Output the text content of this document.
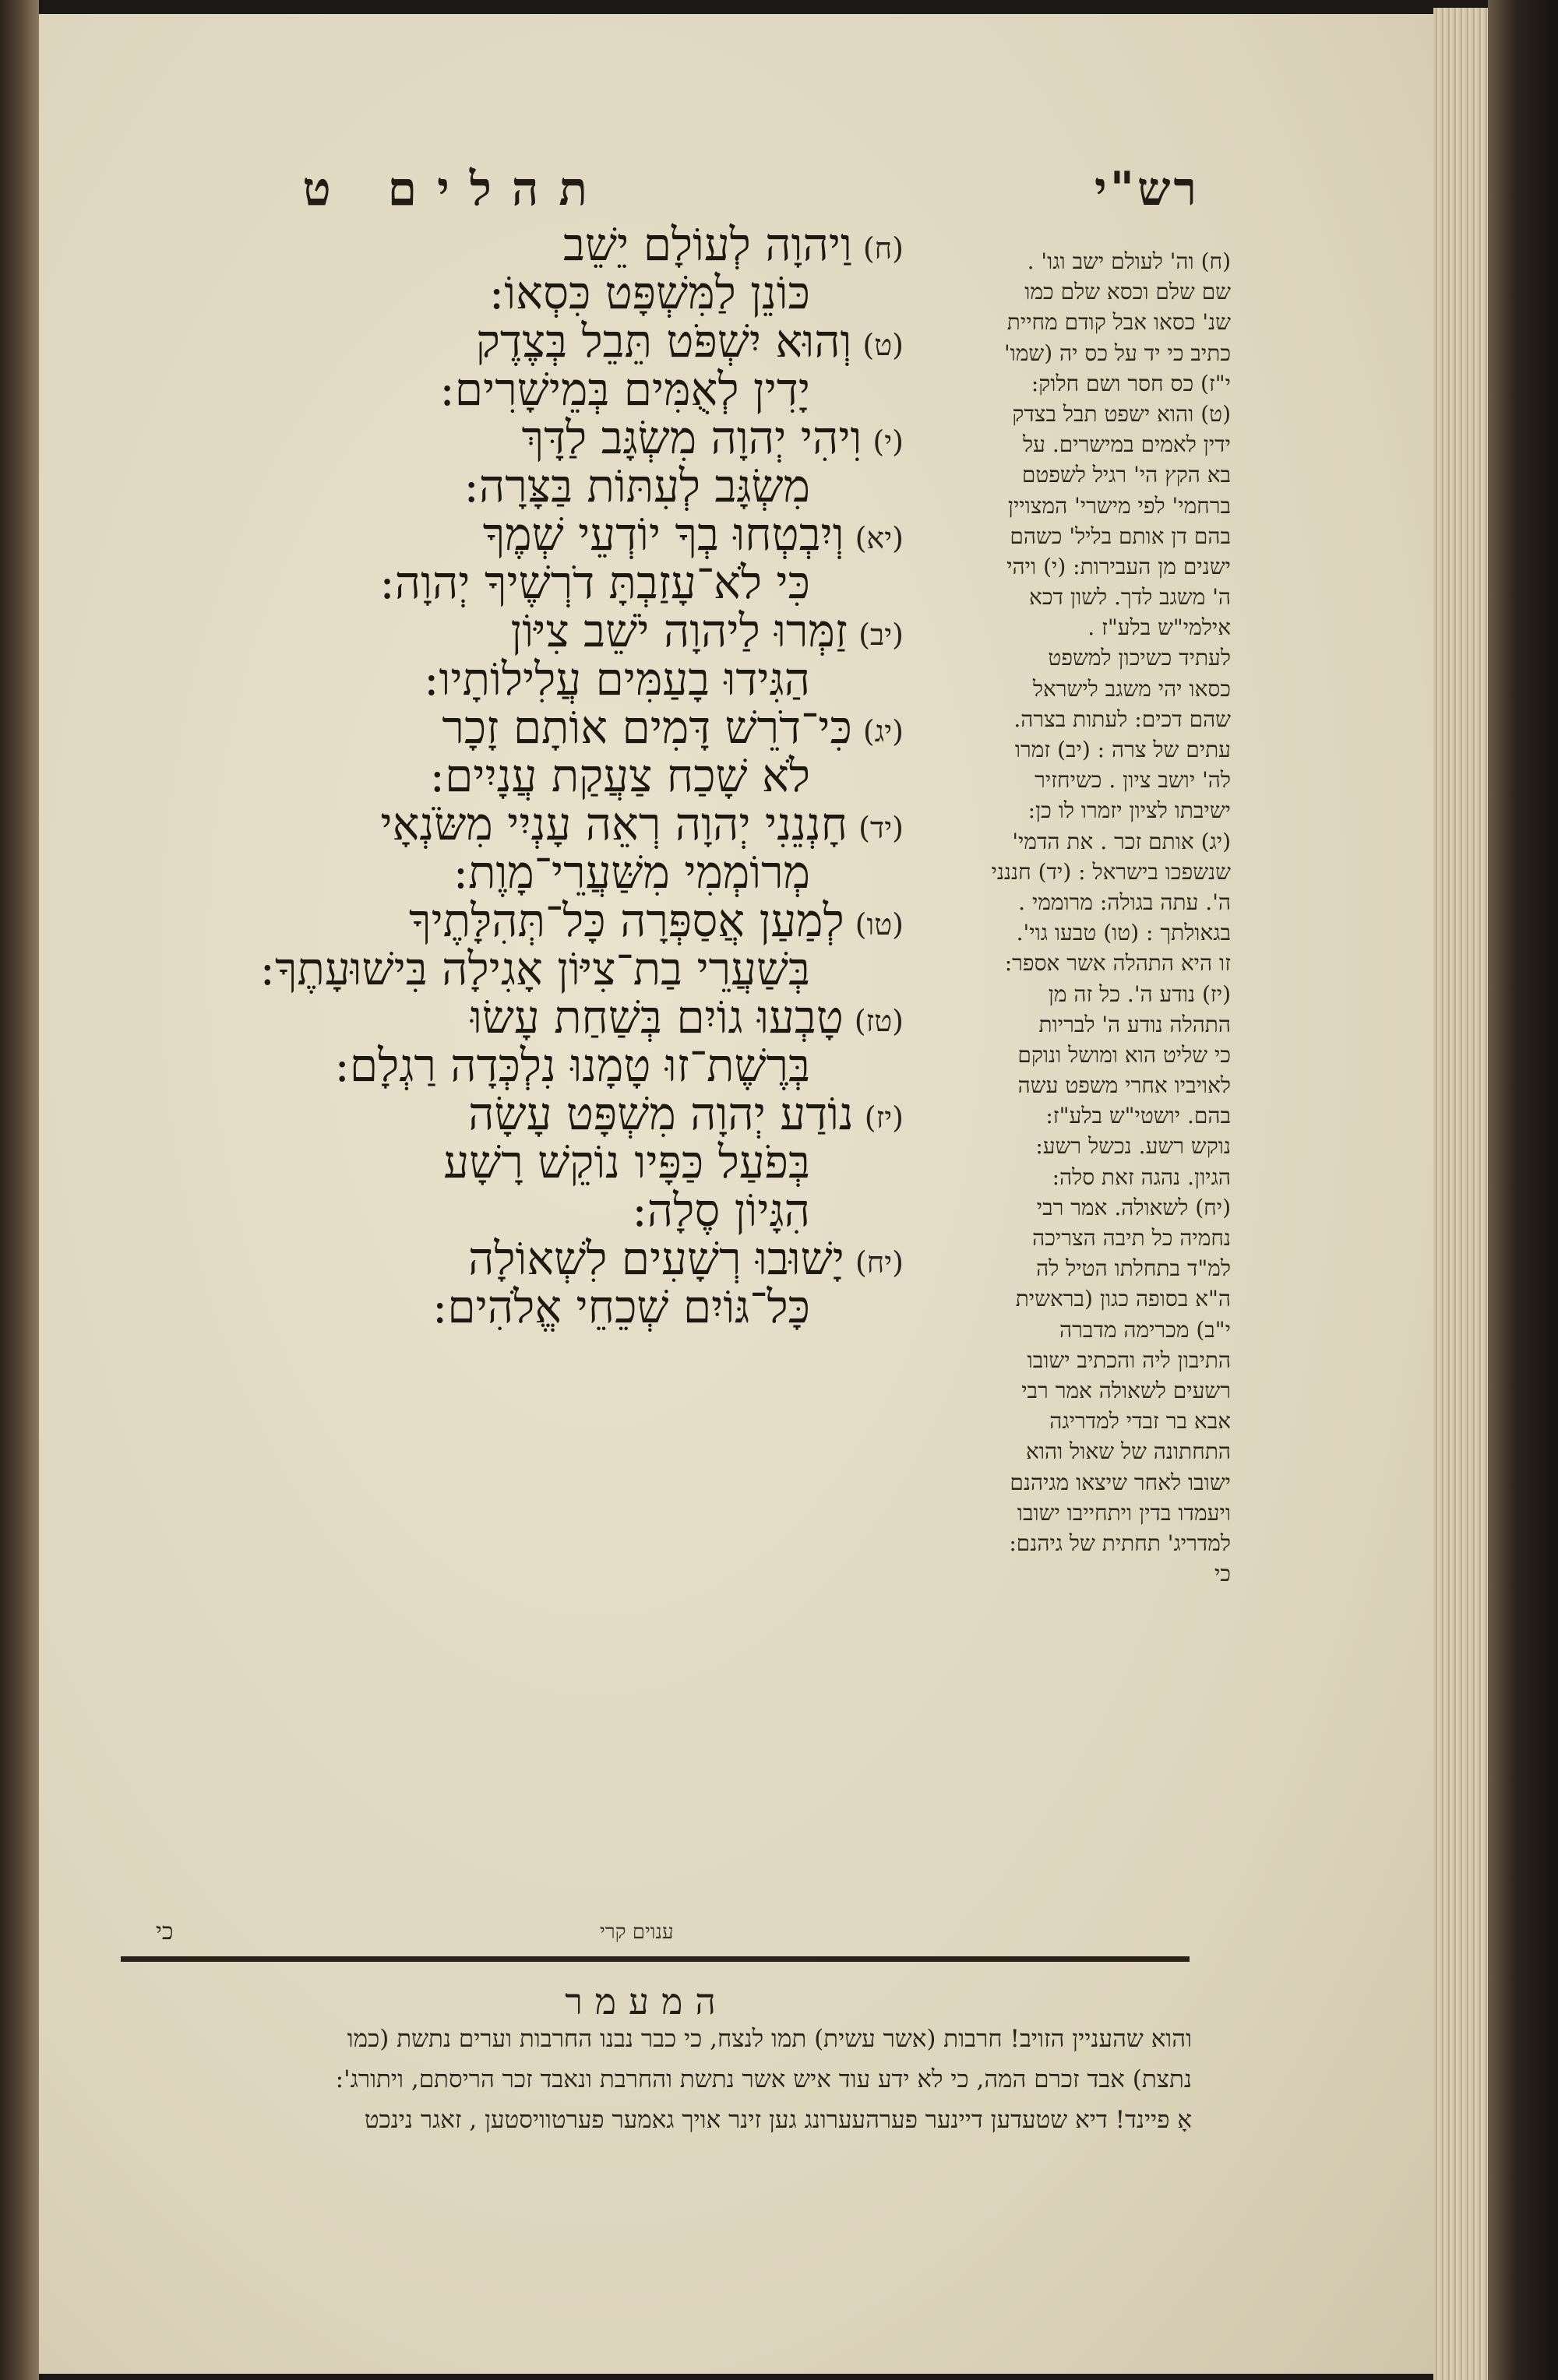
רש"י
תהלים ט
(ח)וַיהוָה לְעוֹלָם יֵשֵׁב
כּוֹנֵן לַמִּשְׁפָּט כִּסְאוֹ:
(ט)וְהוּא יִשְׁפֹּט תֵּבֵל בְּצֶדֶק
יָדִין לְאֻמִּים בְּמֵישָׁרִים:
(י)וִיהִי יְהוָה מִשְׂגָּב לַדָּךְ
מִשְׂגָּב לְעִתּוֹת בַּצָּרָה:
(יא)וְיִבְטְחוּ בְךָ יוֹדְעֵי שְׁמֶךָ
כִּי לֹא־עָזַבְתָּ דֹרְשֶׁיךָ יְהוָה:
(יב)זַמְּרוּ לַיהוָה יֹשֵׁב צִיּוֹן
הַגִּידוּ בָעַמִּים עֲלִילוֹתָיו:
(יג)כִּי־דֹרֵשׁ דָּמִים אוֹתָם זָכָר
לֹא שָׁכַח צַעֲקַת עֲנָיִים:
(יד)חָנְנֵנִי יְהוָה רְאֵה עָנְיִי מִשֹּׂנְאָי
מְרוֹמְמִי מִשַּׁעֲרֵי־מָוֶת:
(טו)לְמַעַן אֲסַפְּרָה כָּל־תְּהִלָּתֶיךָ
בְּשַׁעֲרֵי בַת־צִיּוֹן אָגִילָה בִּישׁוּעָתֶךָ:
(טז)טָבְעוּ גוֹיִם בְּשַׁחַת עָשׂוּ
בְּרֶשֶׁת־זוּ טָמָנוּ נִלְכְּדָה רַגְלָם:
(יז)נוֹדַע יְהוָה מִשְׁפָּט עָשָׂה
בְּפֹעַל כַּפָּיו נוֹקֵשׁ רָשָׁע
הִגָּיוֹן סֶלָה:
(יח)יָשׁוּבוּ רְשָׁעִים לִשְׁאוֹלָה
כָּל־גּוֹיִם שְׁכֵחֵי אֱלֹהִים:
(ח) וה' לעולם ישב וגו' .
שם שלם וכסא שלם כמו
שנ' כסאו אבל קודם מחיית
כתיב כי יד על כס יה (שמו'
י"ז) כס חסר ושם חלוק:
(ט) והוא ישפט תבל בצדק
ידין לאמים במישרים. על
בא הקץ הי' רגיל לשפטם
ברחמי' לפי מישרי' המצויין
בהם דן אותם בליל' כשהם
ישנים מן העבירות: (י) ויהי
ה' משגב לדך. לשון דכא
אילמי"ש בלע"ז .
לעתיד כשיכון למשפט
כסאו יהי משגב לישראל
שהם דכים: לעתות בצרה.
עתים של צרה : (יב) זמרו
לה' יושב ציון . כשיחזיר
ישיבתו לציון יזמרו לו כן:
(יג) אותם זכר . את הדמי'
שנשפכו בישראל : (יד) חננני
ה'. עתה בגולה: מרוממי .
בגאולתך : (טו) טבעו גוי'.
זו היא התהלה אשר אספר:
(יז) נודע ה'. כל זה מן
התהלה נודע ה' לבריות
כי שליט הוא ומושל ונוקם
לאויביו אחרי משפט עשה
בהם. יושטי"ש בלע"ז:
נוקש רשע. נכשל רשע:
הגיון. נהגה זאת סלה:
(יח) לשאולה. אמר רבי
נחמיה כל תיבה הצריכה
למ"ד בתחלתו הטיל לה
ה"א בסופה כגון (בראשית
י"ב) מכרימה מדברה
התיבון ליה והכתיב ישובו
רשעים לשאולה אמר רבי
אבא בר זבדי למדריגה
התחתונה של שאול והוא
ישובו לאחר שיצאו מגיהנם
ויעמדו בדין ויתחייבו ישובו
למדריג' תחתית של גיהנם:
כי
כי	ענוים קרי
המעמר
והוא שהעניין הזויב! חרבות (אשר עשית) תמו לנצח, כי כבר נבנו החרבות וערים נתשת (כמו
נתצת) אבד זכרם המה, כי לא ידע עוד איש אשר נתשת והחרבת ונאבד זכר הריסתם, ויתורג':
אָ פיינד! דיא שטעדען דיינער פערהעערונג גען זינר אויך גאמער פערטוויסטען , זאגר נינכט
